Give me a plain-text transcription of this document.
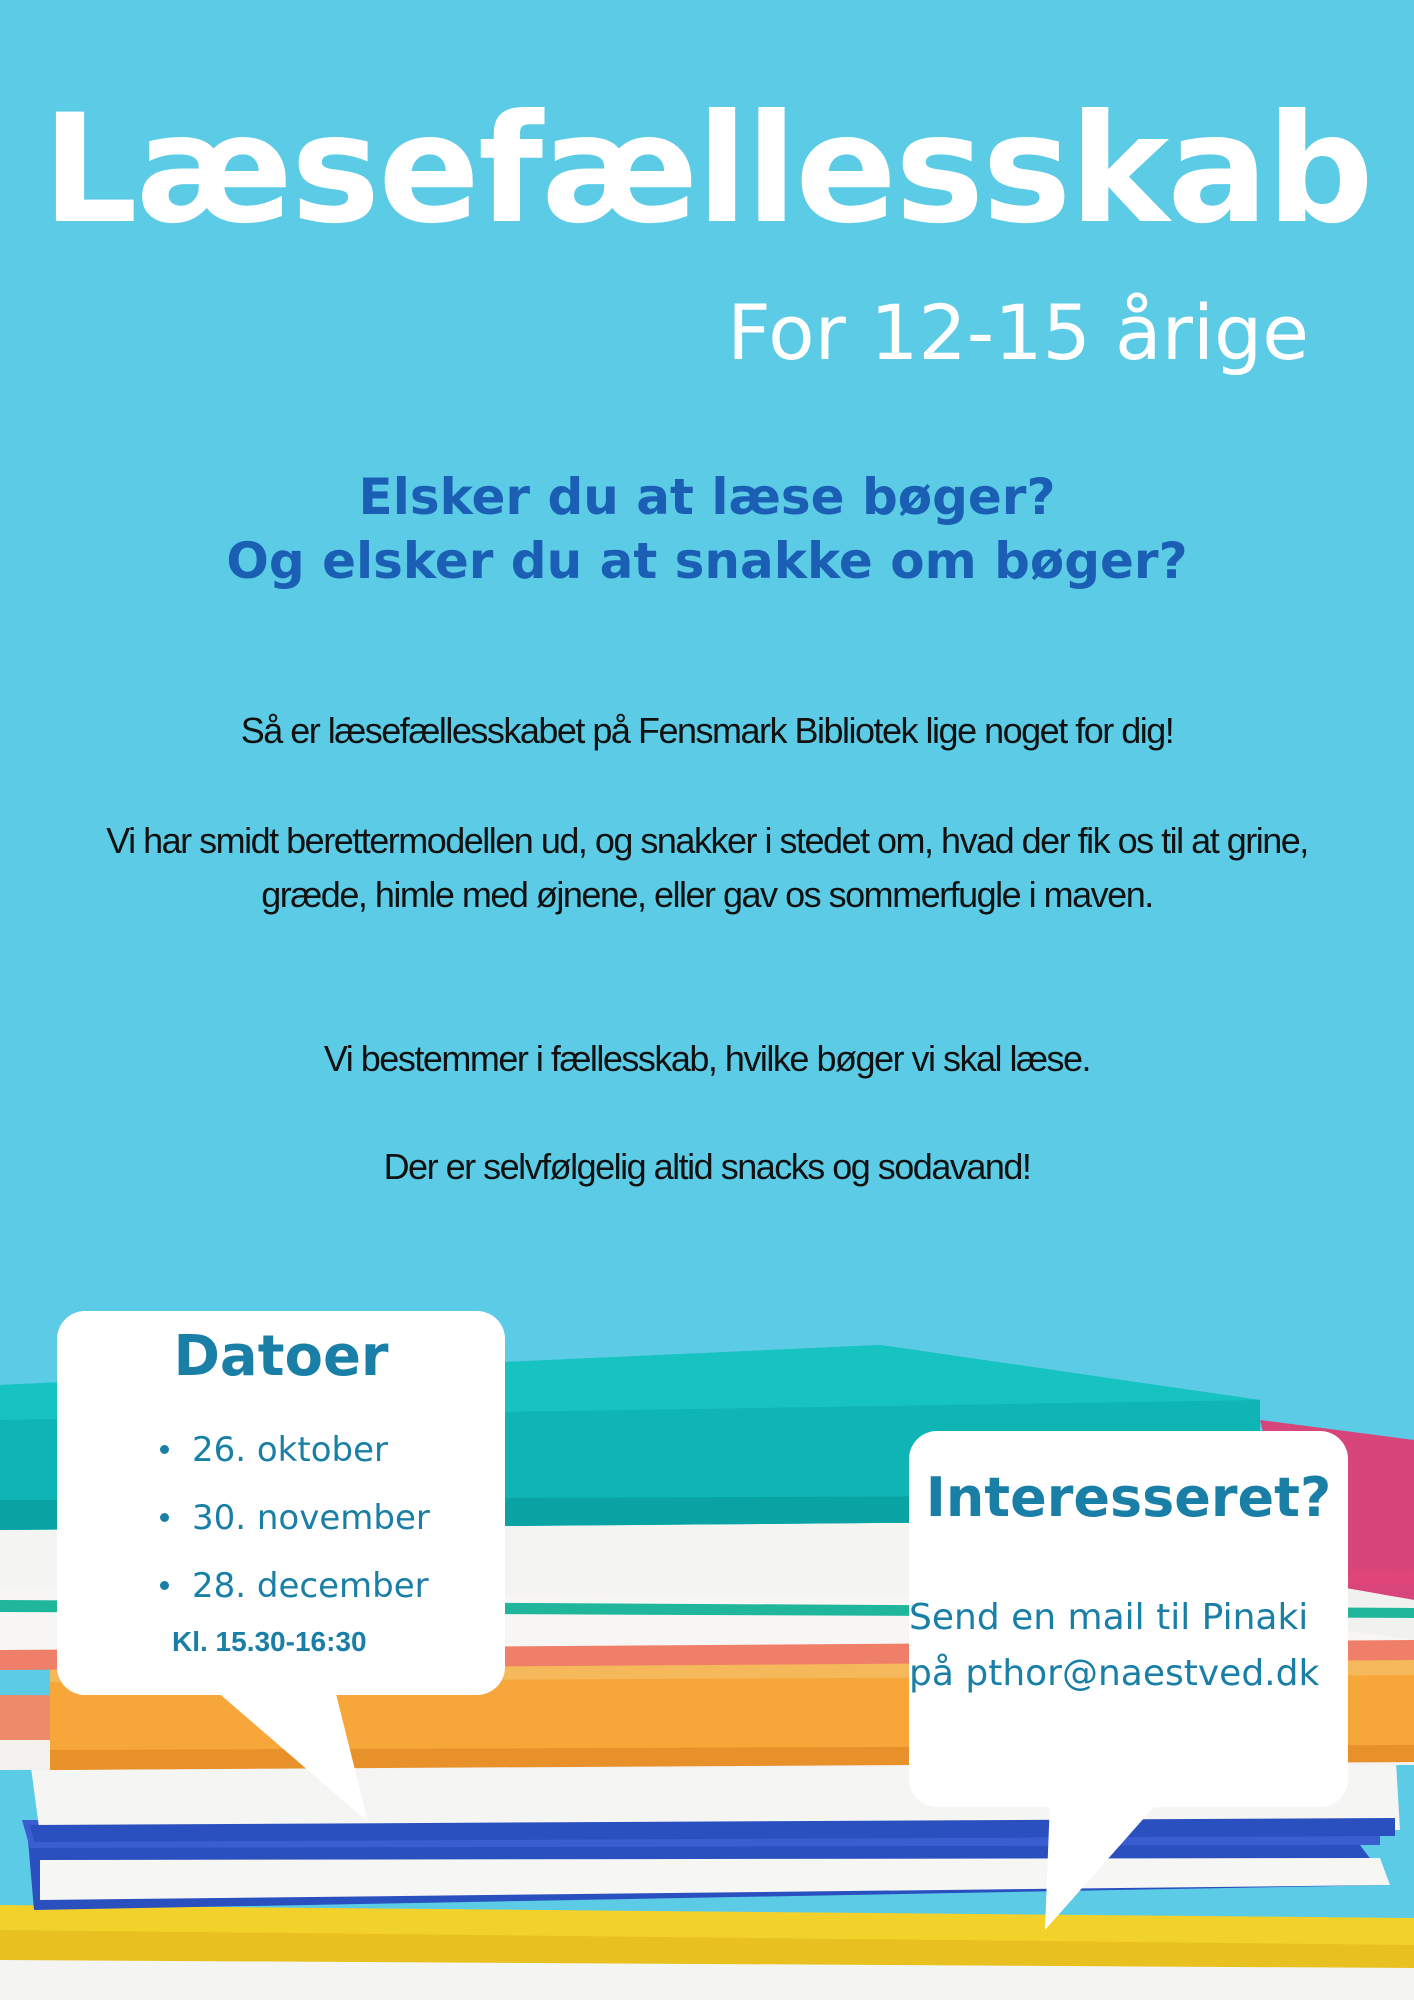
Læsefællesskab
For 12-15 årige
Elsker du at læse bøger?
Og elsker du at snakke om bøger?
Så er læsefællesskabet på Fensmark Bibliotek lige noget for dig!
Vi har smidt berettermodellen ud, og snakker i stedet om, hvad der fik os til at grine, græde, himle med øjnene, eller gav os sommerfugle i maven.
Vi bestemmer i fællesskab, hvilke bøger vi skal læse.
Der er selvfølgelig altid snacks og sodavand!
Datoer
26. oktober
30. november
28. december
Kl. 15.30-16:30
Interesseret?
Send en mail til Pinaki på pthor@naestved.dk
